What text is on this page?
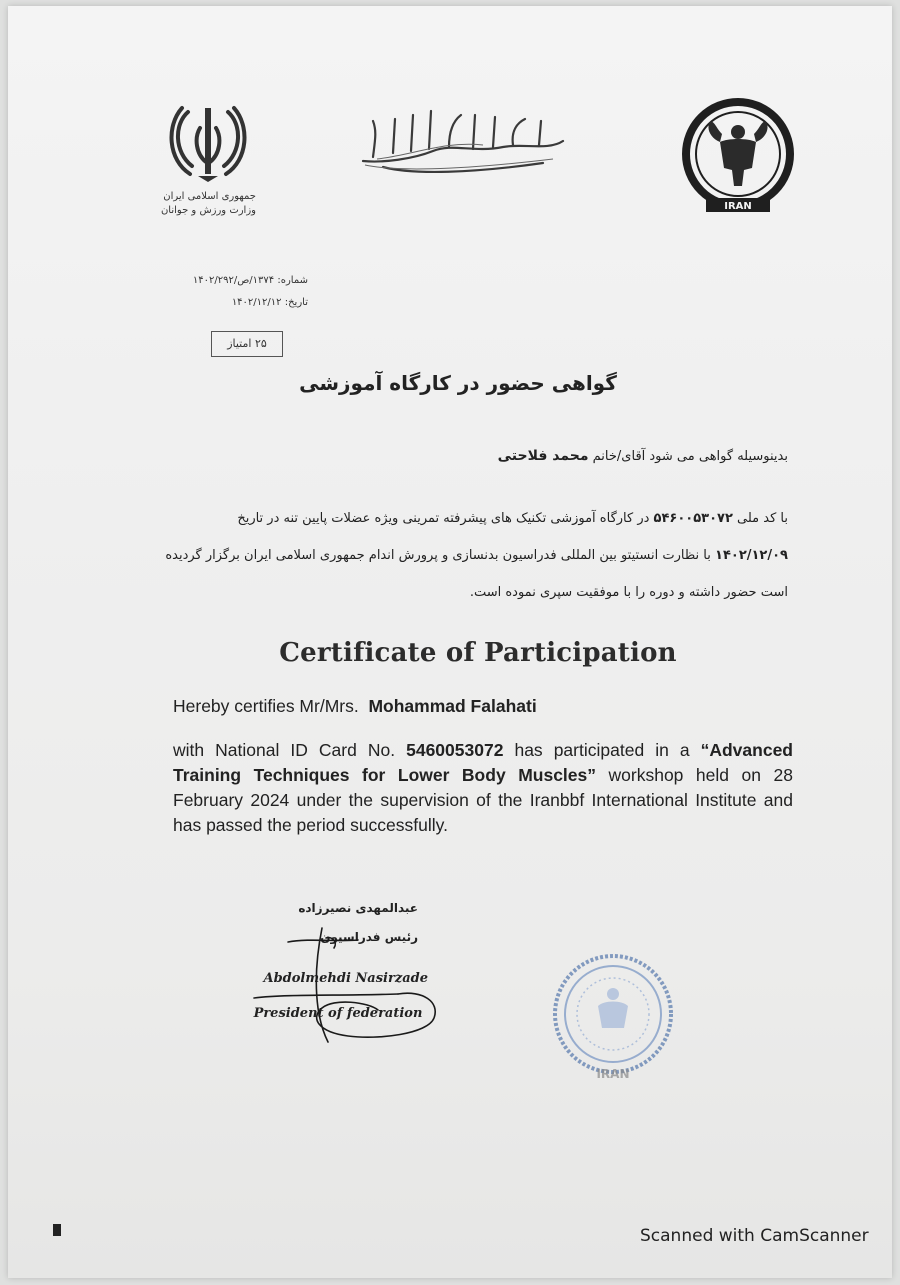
جمهوری اسلامی ایران
وزارت ورزش و جوانان	IRAN
شماره: ۱۳۷۴/ص/۱۴۰۲/۲۹۲
تاریخ: ۱۴۰۲/۱۲/۱۲
۲۵ امتیاز
گواهی حضور در کارگاه آموزشی
بدینوسیله گواهی می شود آقای/خانم محمد فلاحتی
با کد ملی ۵۴۶۰۰۵۳۰۷۲ در کارگاه آموزشی تکنیک های پیشرفته تمرینی ویژه عضلات پایین تنه در تاریخ
۱۴۰۲/۱۲/۰۹ با نظارت انستیتو بین المللی فدراسیون بدنسازی و پرورش اندام جمهوری اسلامی ایران برگزار گردیده
است حضور داشته و دوره را با موفقیت سپری نموده است.
Certificate of Participation
Hereby certifies Mr/Mrs. Mohammad Falahati
with National ID Card No. 5460053072 has participated in a “Advanced Training Techniques for Lower Body Muscles” workshop held on 28 February 2024 under the supervision of the Iranbbf International Institute and has passed the period successfully.
عبدالمهدی نصیرزاده
رئیس فدراسیون
Abdolmehdi Nasirzade
President of federation
IRAN
Scanned with CamScanner
